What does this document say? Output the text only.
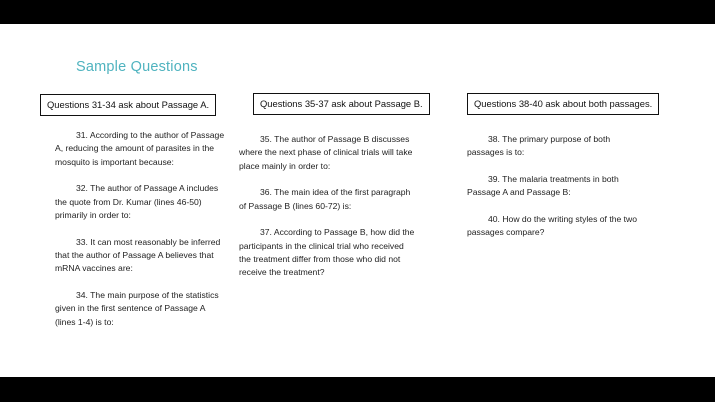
Sample Questions
Questions 31-34 ask about Passage A.

31. According to the author of Passage A, reducing the amount of parasites in the mosquito is important because:

32. The author of Passage A includes the quote from Dr. Kumar (lines 46-50) primarily in order to:

33. It can most reasonably be inferred that the author of Passage A believes that mRNA vaccines are:

34. The main purpose of the statistics given in the first sentence of Passage A (lines 1-4) is to:

Questions 35-37 ask about Passage B.

35. The author of Passage B discusses where the next phase of clinical trials will take place mainly in order to:

36. The main idea of the first paragraph of Passage B (lines 60-72) is:

37. According to Passage B, how did the participants in the clinical trial who received the treatment differ from those who did not receive the treatment?

Questions 38-40 ask about both passages.

38. The primary purpose of both passages is to:

39. The malaria treatments in both Passage A and Passage B:

40. How do the writing styles of the two passages compare?
